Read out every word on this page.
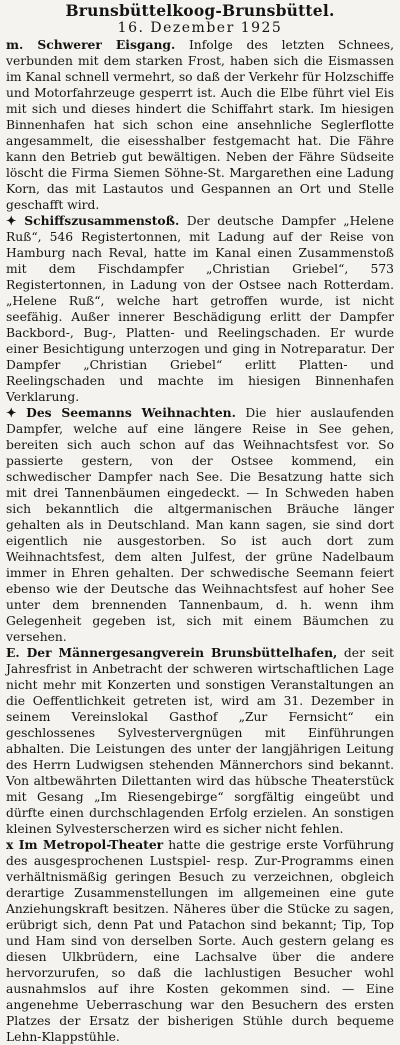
Brunsbüttelkoog-Brunsbüttel.
16. Dezember 1925

m. Schwerer Eisgang. Infolge des letzten Schnees, verbunden mit dem starken Frost, haben sich die Eismassen im Kanal schnell vermehrt, so daß der Verkehr für Holzschiffe und Motorfahrzeuge gesperrt ist. Auch die Elbe führt viel Eis mit sich und dieses hindert die Schiffahrt stark. Im hiesigen Binnenhafen hat sich schon eine ansehnliche Seglerflotte angesammelt, die eisesshalber festgemacht hat. Die Fähre kann den Betrieb gut bewältigen. Neben der Fähre Südseite löscht die Firma Siemen Söhne-St. Margarethen eine Ladung Korn, das mit Lastautos und Gespannen an Ort und Stelle geschafft wird.

✦ Schiffszusammenstoß. Der deutsche Dampfer „Helene Ruß“, 546 Registertonnen, mit Ladung auf der Reise von Hamburg nach Reval, hatte im Kanal einen Zusammenstoß mit dem Fischdampfer „Christian Griebel“, 573 Registertonnen, in Ladung von der Ostsee nach Rotterdam. „Helene Ruß“, welche hart getroffen wurde, ist nicht seefähig. Außer innerer Beschädigung erlitt der Dampfer Backbord-, Bug-, Platten- und Reelingschaden. Er wurde einer Besichtigung unterzogen und ging in Notreparatur. Der Dampfer „Christian Griebel“ erlitt Platten- und Reelingschaden und machte im hiesigen Binnenhafen Verklarung.

✦ Des Seemanns Weihnachten. Die hier auslaufenden Dampfer, welche auf eine längere Reise in See gehen, bereiten sich auch schon auf das Weihnachtsfest vor. So passierte gestern, von der Ostsee kommend, ein schwedischer Dampfer nach See. Die Besatzung hatte sich mit drei Tannenbäumen eingedeckt. — In Schweden haben sich bekanntlich die altgermanischen Bräuche länger gehalten als in Deutschland. Man kann sagen, sie sind dort eigentlich nie ausgestorben. So ist auch dort zum Weihnachtsfest, dem alten Julfest, der grüne Nadelbaum immer in Ehren gehalten. Der schwedische Seemann feiert ebenso wie der Deutsche das Weihnachtsfest auf hoher See unter dem brennenden Tannenbaum, d. h. wenn ihm Gelegenheit gegeben ist, sich mit einem Bäumchen zu versehen.

E. Der Männergesangverein Brunsbüttelhafen, der seit Jahresfrist in Anbetracht der schweren wirtschaftlichen Lage nicht mehr mit Konzerten und sonstigen Veranstaltungen an die Oeffentlichkeit getreten ist, wird am 31. Dezember in seinem Vereinslokal Gasthof „Zur Fernsicht“ ein geschlossenes Sylvestervergnügen mit Einführungen abhalten. Die Leistungen des unter der langjährigen Leitung des Herrn Ludwigsen stehenden Männerchors sind bekannt. Von altbewährten Dilettanten wird das hübsche Theaterstück mit Gesang „Im Riesengebirge“ sorgfältig eingeübt und dürfte einen durchschlagenden Erfolg erzielen. An sonstigen kleinen Sylvesterscherzen wird es sicher nicht fehlen.

x Im Metropol-Theater hatte die gestrige erste Vorführung des ausgesprochenen Lustspiel- resp. Zur-Programms einen verhältnismäßig geringen Besuch zu verzeichnen, obgleich derartige Zusammenstellungen im allgemeinen eine gute Anziehungskraft besitzen. Näheres über die Stücke zu sagen, erübrigt sich, denn Pat und Patachon sind bekannt; Tip, Top und Ham sind von derselben Sorte. Auch gestern gelang es diesen Ulkbrüdern, eine Lachsalve über die andere hervorzurufen, so daß die lachlustigen Besucher wohl ausnahmslos auf ihre Kosten gekommen sind. — Eine angenehme Ueberraschung war den Besuchern des ersten Platzes der Ersatz der bisherigen Stühle durch bequeme Lehn-Klappstühle.
